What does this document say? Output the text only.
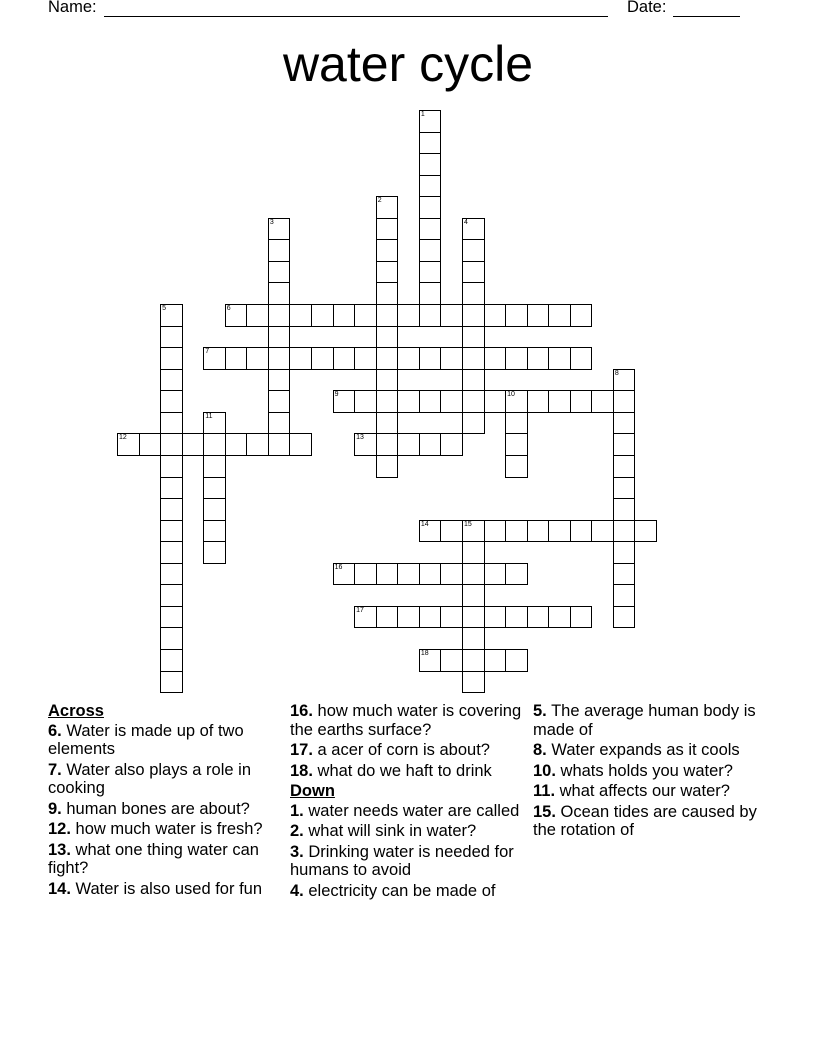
Name:	Date:
water cycle
1
2
3	4
5	6
7
8
9	10
11
12	13
14	15
16
17
18
Across
6. Water is made up of two elements
7. Water also plays a role in cooking
9. human bones are about?
12. how much water is fresh?
13. what one thing water can fight?
14. Water is also used for fun
16. how much water is covering the earths surface?
17. a acer of corn is about?
18. what do we haft to drink
Down
1. water needs water are called
2. what will sink in water?
3. Drinking water is needed for humans to avoid
4. electricity can be made of
5. The average human body is made of
8. Water expands as it cools
10. whats holds you water?
11. what affects our water?
15. Ocean tides are caused by the rotation of
